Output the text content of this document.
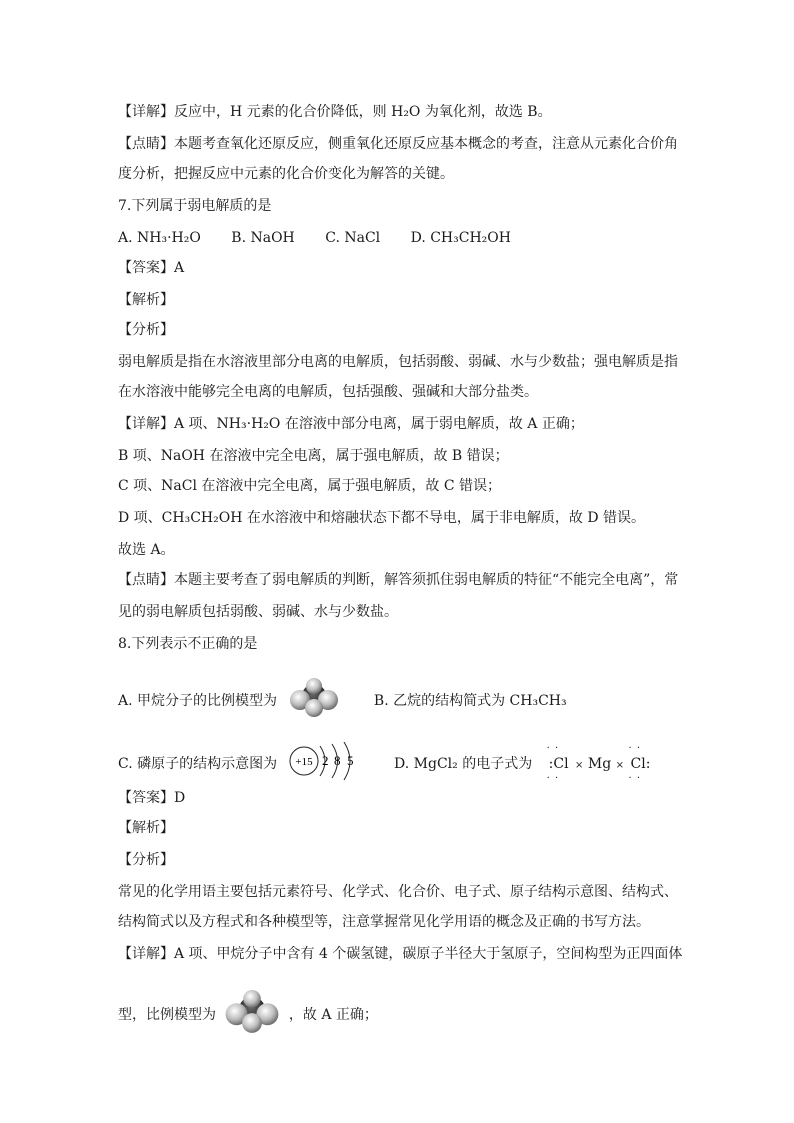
【详解】反应中，H 元素的化合价降低，则 H₂O 为氧化剂，故选 B。
【点睛】本题考查氧化还原反应，侧重氧化还原反应基本概念的考查，注意从元素化合价角
度分析，把握反应中元素的化合价变化为解答的关键。
7.下列属于弱电解质的是
A. NH₃·H₂O B. NaOH C. NaCl D. CH₃CH₂OH
【答案】A
【解析】
【分析】
弱电解质是指在水溶液里部分电离的电解质，包括弱酸、弱碱、水与少数盐；强电解质是指
在水溶液中能够完全电离的电解质，包括强酸、强碱和大部分盐类。
【详解】A 项、NH₃·H₂O 在溶液中部分电离，属于弱电解质，故 A 正确；
B 项、NaOH 在溶液中完全电离，属于强电解质，故 B 错误；
C 项、NaCl 在溶液中完全电离，属于强电解质，故 C 错误；
D 项、CH₃CH₂OH 在水溶液中和熔融状态下都不导电，属于非电解质，故 D 错误。
故选 A。
【点睛】本题主要考查了弱电解质的判断，解答须抓住弱电解质的特征“不能完全电离”，常
见的弱电解质包括弱酸、弱碱、水与少数盐。
8.下列表示不正确的是
A. 甲烷分子的比例模型为	B. 乙烷的结构简式为 CH₃CH₃
C. 磷原子的结构示意图为 +15 2 8 5	D. MgCl₂ 的电子式为
· ·
:Cl
· ·
× Mg ×
· ·
Cl:
· ·
【答案】D
【解析】
【分析】
常见的化学用语主要包括元素符号、化学式、化合价、电子式、原子结构示意图、结构式、
结构简式以及方程式和各种模型等，注意掌握常见化学用语的概念及正确的书写方法。
【详解】A 项、甲烷分子中含有 4 个碳氢键，碳原子半径大于氢原子，空间构型为正四面体
型，比例模型为	，故 A 正确；
